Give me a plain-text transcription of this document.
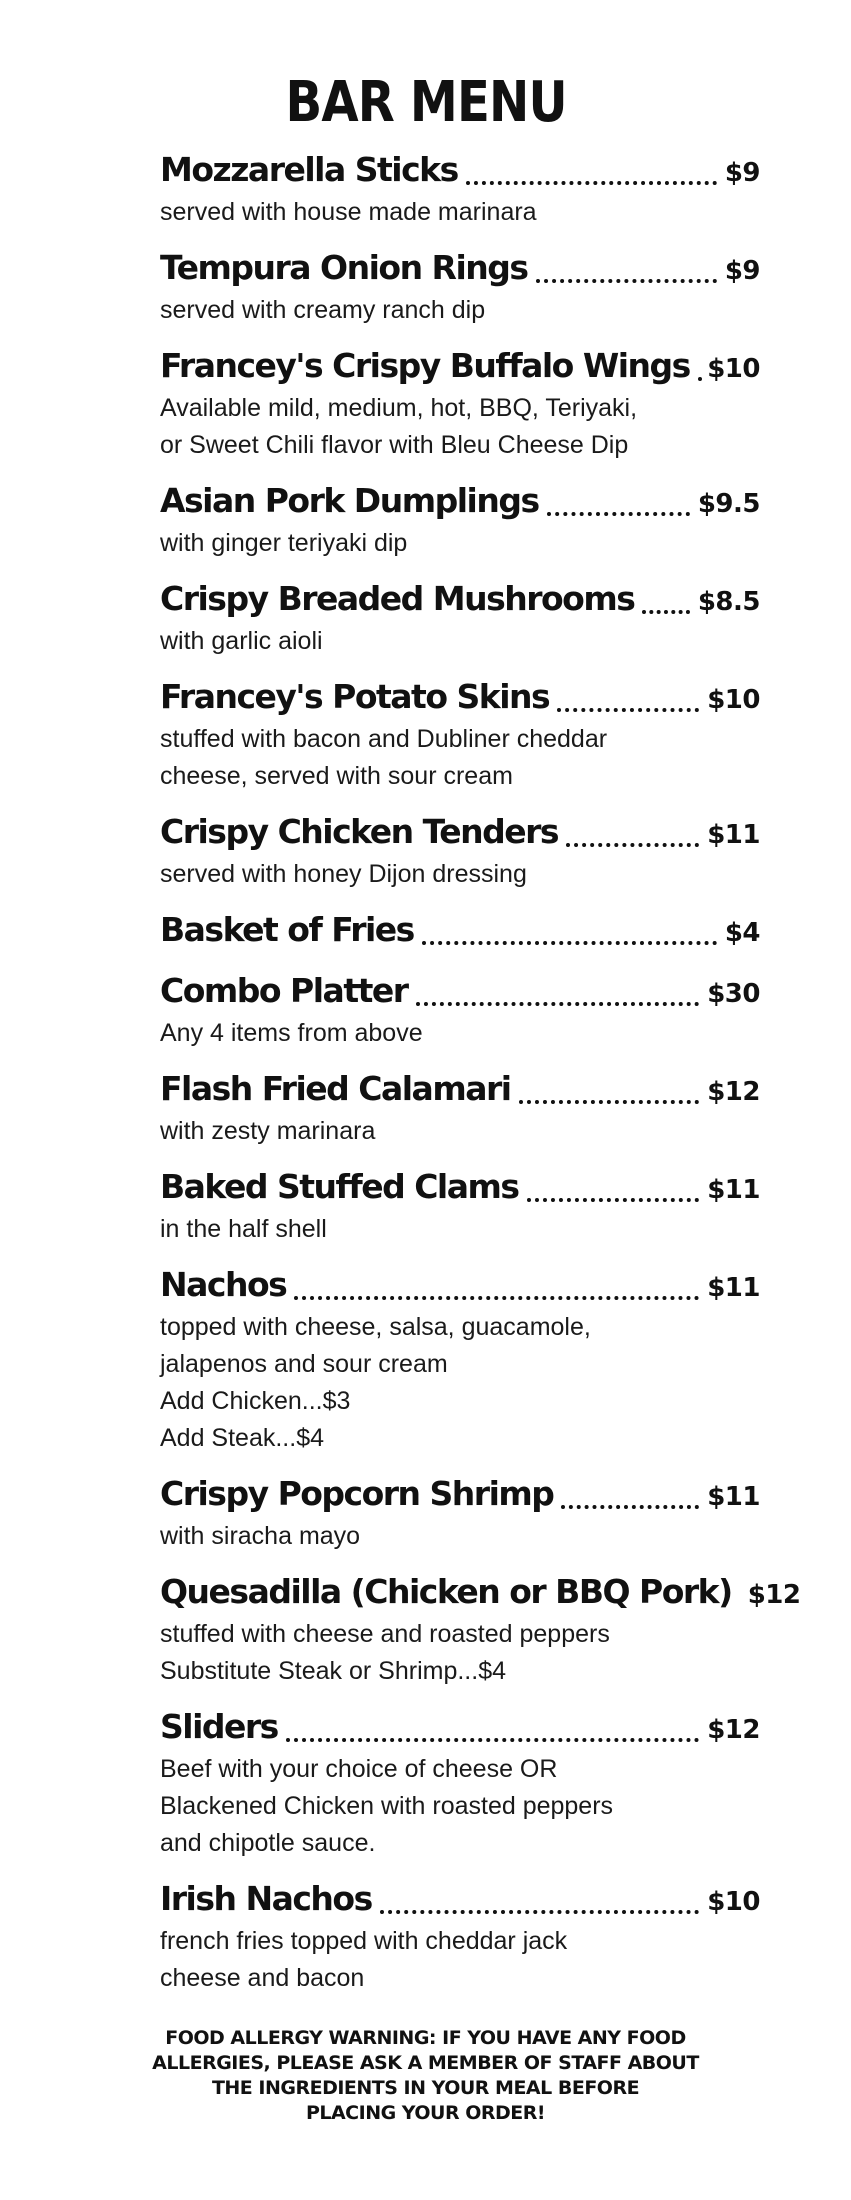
BAR MENU
Mozzarella Sticks	$9
served with house made marinara
Tempura Onion Rings	$9
served with creamy ranch dip
Francey's Crispy Buffalo Wings $10
Available mild, medium, hot, BBQ, Teriyaki,
or Sweet Chili flavor with Bleu Cheese Dip
Asian Pork Dumplings	$9.5
with ginger teriyaki dip
Crispy Breaded Mushrooms $8.5
with garlic aioli
Francey's Potato Skins	$10
stuffed with bacon and Dubliner cheddar
cheese, served with sour cream
Crispy Chicken Tenders	$11
served with honey Dijon dressing
Basket of Fries	$4
Combo Platter	$30
Any 4 items from above
Flash Fried Calamari	$12
with zesty marinara
Baked Stuffed Clams	$11
in the half shell
Nachos	$11
topped with cheese, salsa, guacamole,
jalapenos and sour cream
Add Chicken...$3
Add Steak...$4
Crispy Popcorn Shrimp	$11
with siracha mayo
Quesadilla (Chicken or BBQ Pork) $12
stuffed with cheese and roasted peppers
Substitute Steak or Shrimp...$4
Sliders	$12
Beef with your choice of cheese OR
Blackened Chicken with roasted peppers
and chipotle sauce.
Irish Nachos	$10
french fries topped with cheddar jack
cheese and bacon
FOOD ALLERGY WARNING: IF YOU HAVE ANY FOOD
ALLERGIES, PLEASE ASK A MEMBER OF STAFF ABOUT
THE INGREDIENTS IN YOUR MEAL BEFORE
PLACING YOUR ORDER!
